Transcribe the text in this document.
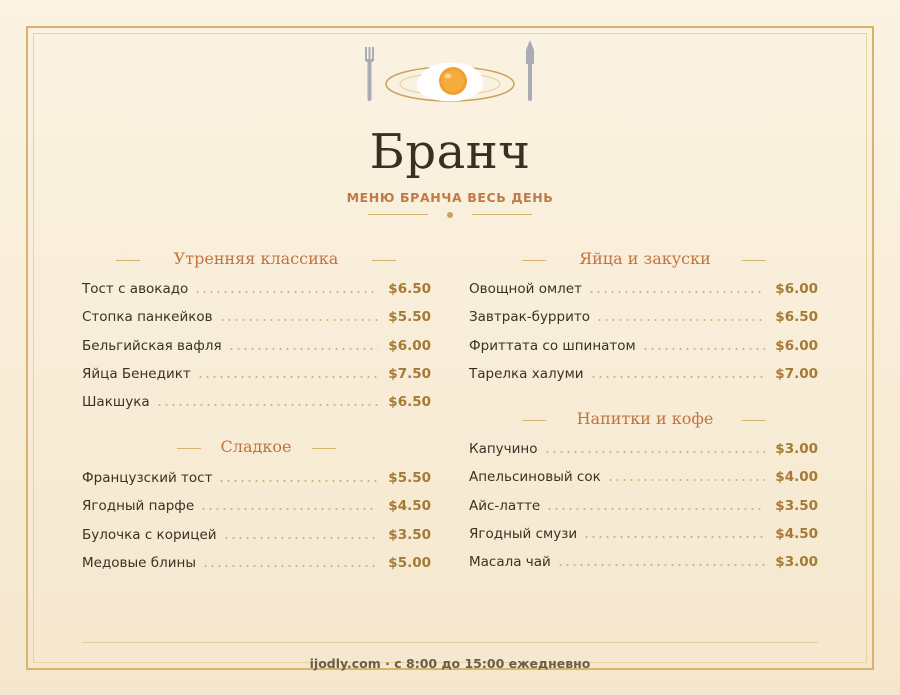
Бранч
МЕНЮ БРАНЧА ВЕСЬ ДЕНЬ
Утренняя классика
Тост с авокадо	$6.50
Стопка панкейков	$5.50
Бельгийская вафля	$6.00
Яйца Бенедикт	$7.50
Шакшука	$6.50
Сладкое
Французский тост	$5.50
Ягодный парфе	$4.50
Булочка с корицей	$3.50
Медовые блины	$5.00
Яйца и закуски
Овощной омлет	$6.00
Завтрак-буррито	$6.50
Фриттата со шпинатом	$6.00
Тарелка халуми	$7.00
Напитки и кофе
Капучино	$3.00
Апельсиновый сок	$4.00
Айс-латте	$3.50
Ягодный смузи	$4.50
Масала чай	$3.00
ijodly.com · с 8:00 до 15:00 ежедневно
